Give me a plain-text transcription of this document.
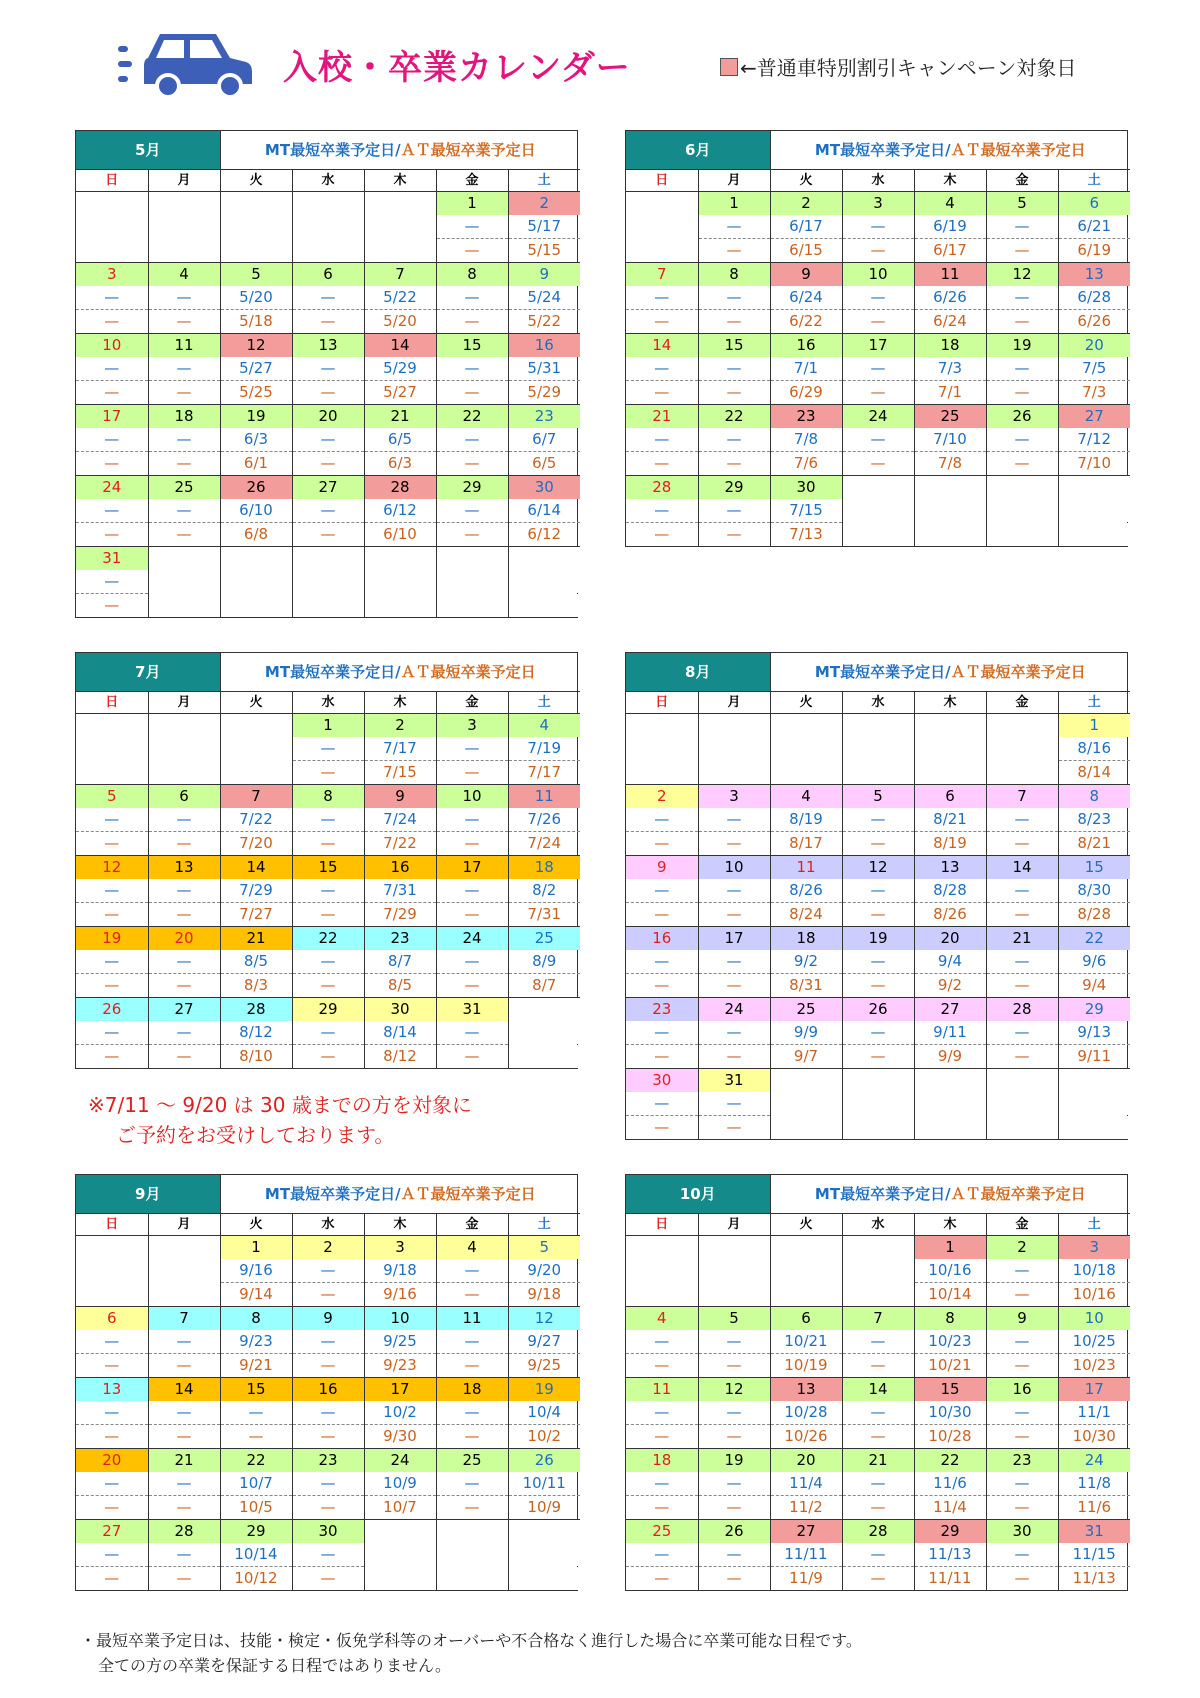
入校・卒業カレンダー	←普通車特別割引キャンペーン対象日
5月		MT最短卒業予定日/ＡＴ最短卒業予定日				
日	月	火	水	木	金	土
					1	2
					—	5/17
					—	5/15
3	4	5	6	7	8	9
—	—	5/20	—	5/22	—	5/24
—	—	5/18	—	5/20	—	5/22
10	11	12	13	14	15	16
—	—	5/27	—	5/29	—	5/31
—	—	5/25	—	5/27	—	5/29
17	18	19	20	21	22	23
—	—	6/3	—	6/5	—	6/7
—	—	6/1	—	6/3	—	6/5
24	25	26	27	28	29	30
—	—	6/10	—	6/12	—	6/14
—	—	6/8	—	6/10	—	6/12
31						
—						
—						
6月		MT最短卒業予定日/ＡＴ最短卒業予定日				
日	月	火	水	木	金	土
	1	2	3	4	5	6
	—	6/17	—	6/19	—	6/21
	—	6/15	—	6/17	—	6/19
7	8	9	10	11	12	13
—	—	6/24	—	6/26	—	6/28
—	—	6/22	—	6/24	—	6/26
14	15	16	17	18	19	20
—	—	7/1	—	7/3	—	7/5
—	—	6/29	—	7/1	—	7/3
21	22	23	24	25	26	27
—	—	7/8	—	7/10	—	7/12
—	—	7/6	—	7/8	—	7/10
28	29	30				
—	—	7/15				
—	—	7/13				
7月		MT最短卒業予定日/ＡＴ最短卒業予定日				
日	月	火	水	木	金	土
			1	2	3	4
			—	7/17	—	7/19
			—	7/15	—	7/17
5	6	7	8	9	10	11
—	—	7/22	—	7/24	—	7/26
—	—	7/20	—	7/22	—	7/24
12	13	14	15	16	17	18
—	—	7/29	—	7/31	—	8/2
—	—	7/27	—	7/29	—	7/31
19	20	21	22	23	24	25
—	—	8/5	—	8/7	—	8/9
—	—	8/3	—	8/5	—	8/7
26	27	28	29	30	31	
—	—	8/12	—	8/14	—	
—	—	8/10	—	8/12	—	
8月		MT最短卒業予定日/ＡＴ最短卒業予定日				
日	月	火	水	木	金	土
						1
						8/16
						8/14
2	3	4	5	6	7	8
—	—	8/19	—	8/21	—	8/23
—	—	8/17	—	8/19	—	8/21
9	10	11	12	13	14	15
—	—	8/26	—	8/28	—	8/30
—	—	8/24	—	8/26	—	8/28
16	17	18	19	20	21	22
—	—	9/2	—	9/4	—	9/6
—	—	8/31	—	9/2	—	9/4
23	24	25	26	27	28	29
—	—	9/9	—	9/11	—	9/13
—	—	9/7	—	9/9	—	9/11
30	31					
—	—					
—	—					
9月		MT最短卒業予定日/ＡＴ最短卒業予定日				
日	月	火	水	木	金	土
		1	2	3	4	5
		9/16	—	9/18	—	9/20
		9/14	—	9/16	—	9/18
6	7	8	9	10	11	12
—	—	9/23	—	9/25	—	9/27
—	—	9/21	—	9/23	—	9/25
13	14	15	16	17	18	19
—	—	—	—	10/2	—	10/4
—	—	—	—	9/30	—	10/2
20	21	22	23	24	25	26
—	—	10/7	—	10/9	—	10/11
—	—	10/5	—	10/7	—	10/9
27	28	29	30			
—	—	10/14	—			
—	—	10/12	—			
10月		MT最短卒業予定日/ＡＴ最短卒業予定日				
日	月	火	水	木	金	土
				1	2	3
				10/16	—	10/18
				10/14	—	10/16
4	5	6	7	8	9	10
—	—	10/21	—	10/23	—	10/25
—	—	10/19	—	10/21	—	10/23
11	12	13	14	15	16	17
—	—	10/28	—	10/30	—	11/1
—	—	10/26	—	10/28	—	10/30
18	19	20	21	22	23	24
—	—	11/4	—	11/6	—	11/8
—	—	11/2	—	11/4	—	11/6
25	26	27	28	29	30	31
—	—	11/11	—	11/13	—	11/15
—	—	11/9	—	11/11	—	11/13
※7/11 ～ 9/20 は 30 歳までの方を対象に
ご予約をお受けしております。
・最短卒業予定日は、技能・検定・仮免学科等のオーバーや不合格なく進行した場合に卒業可能な日程です。
全ての方の卒業を保証する日程ではありません。
